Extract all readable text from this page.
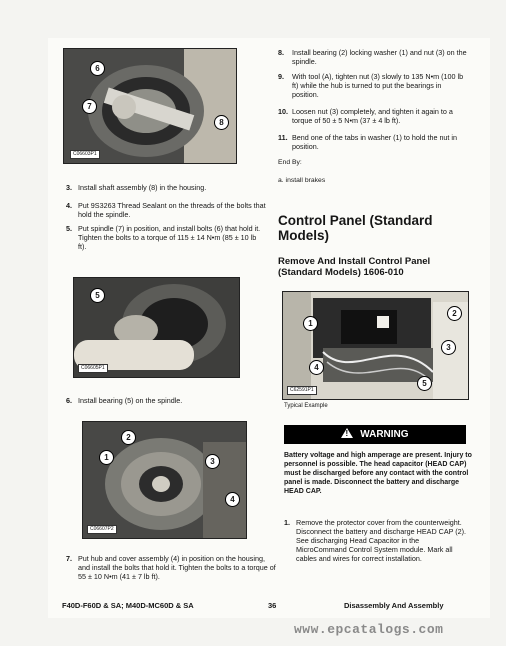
6
7
8
C06603P1
3. Install shaft assembly (8) in the housing.
4. Put 9S3263 Thread Sealant on the threads of the bolts that hold the spindle.
5. Put spindle (7) in position, and install bolts (6) that hold it. Tighten the bolts to a torque of 115 ± 14 N•m (85 ± 10 lb ft).
5
C06605P1
6. Install bearing (5) on the spindle.
2
1	3
4
C06607P2
7. Put hub and cover assembly (4) in position on the housing, and install the bolts that hold it. Tighten the bolts to a torque of 55 ± 10 N•m (41 ± 7 lb ft).
8.	Install bearing (2) locking washer (1) and nut (3) on the spindle.
9.	With tool (A), tighten nut (3) slowly to 135 N•m (100 lb ft) while the hub is turned to put the bearings in position.
10. Loosen nut (3) completely, and tighten it again to a torque of 50 ± 5 N•m (37 ± 4 lb ft).
11. Bend one of the tabs in washer (1) to hold the nut in position.
End By:
a. install brakes
Control Panel (Standard Models)
Remove And Install Control Panel (Standard Models) 1606-010
1
2
3
4
5
C62591P1
Typical Example
! WARNING
Battery voltage and high amperage are present. Injury to personnel is possible. The head capacitor (HEAD CAP) must be discharged before any contact with the control panel is made. Disconnect the battery and discharge HEAD CAP.
1. Remove the protector cover from the counterweight. Disconnect the battery and discharge HEAD CAP (2). See discharging Head Capacitor in the MicroCommand Control System module. Mark all cables and wires for correct installation.
F40D-F60D & SA; M40D-MC60D & SA	36	Disassembly And Assembly
www.epcatalogs.com
